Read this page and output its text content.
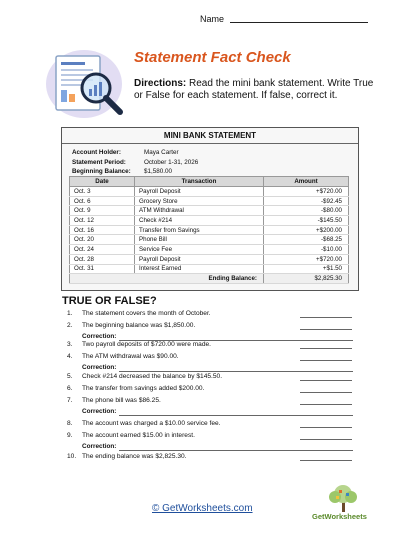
Name
Statement Fact Check
Directions: Read the mini bank statement. Write True or False for each statement. If false, correct it.
MINI BANK STATEMENT
Account Holder:	Maya Carter
Statement Period:	October 1-31, 2026
Beginning Balance: $1,580.00
Date	Transaction	Amount
Oct. 3	Payroll Deposit	+$720.00
Oct. 6	Grocery Store	-$92.45
Oct. 9	ATM Withdrawal	-$80.00
Oct. 12	Check #214	-$145.50
Oct. 16	Transfer from Savings	+$200.00
Oct. 20	Phone Bill	-$68.25
Oct. 24	Service Fee	-$10.00
Oct. 28	Payroll Deposit	+$720.00
Oct. 31	Interest Earned	+$1.50
Ending Balance:		$2,825.30
TRUE OR FALSE?
1. The statement covers the month of October.
2. The beginning balance was $1,850.00.
Correction:
3. Two payroll deposits of $720.00 were made.
4. The ATM withdrawal was $90.00.
Correction:
5. Check #214 decreased the balance by $145.50.
6. The transfer from savings added $200.00.
7. The phone bill was $86.25.
Correction:
8. The account was charged a $10.00 service fee.
9. The account earned $15.00 in interest.
Correction:
10. The ending balance was $2,825.30.
© GetWorksheets.com
GetWorksheets
